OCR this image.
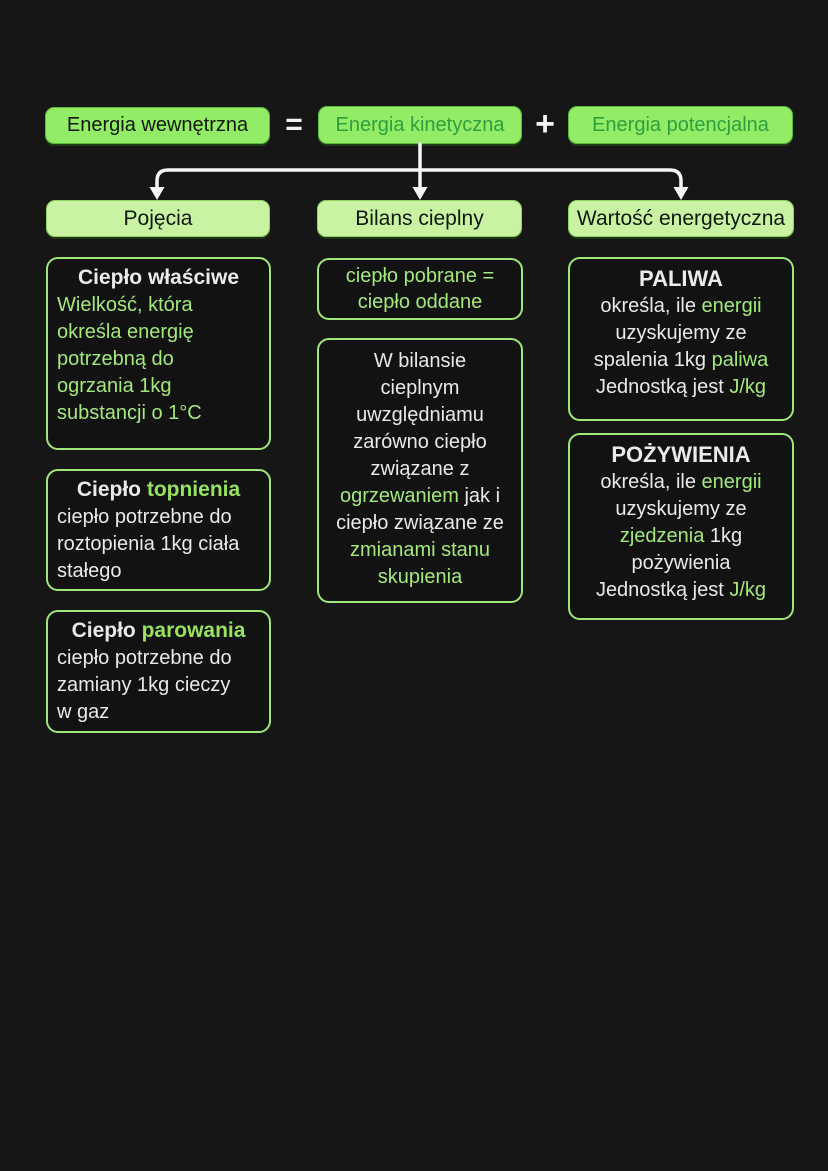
Energia wewnętrzna	=	Energia kinetyczna +	Energia potencjalna
Pojęcia	Bilans cieplny	Wartość energetyczna
Ciepło właściwe
Wielkość, która
określa energię
potrzebną do
ogrzania 1kg
substancji o 1°C
Ciepło topnienia
ciepło potrzebne do
roztopienia 1kg ciała
stałego
Ciepło parowania
ciepło potrzebne do
zamiany 1kg cieczy
w gaz
ciepło pobrane =
ciepło oddane
W bilansie
cieplnym
uwzględniamu
zarówno ciepło
związane z
ogrzewaniem jak i
ciepło związane ze
zmianami stanu
skupienia
PALIWA
określa, ile energii
uzyskujemy ze
spalenia 1kg paliwa
Jednostką jest J/kg
POŻYWIENIA
określa, ile energii
uzyskujemy ze
zjedzenia 1kg
pożywienia
Jednostką jest J/kg
